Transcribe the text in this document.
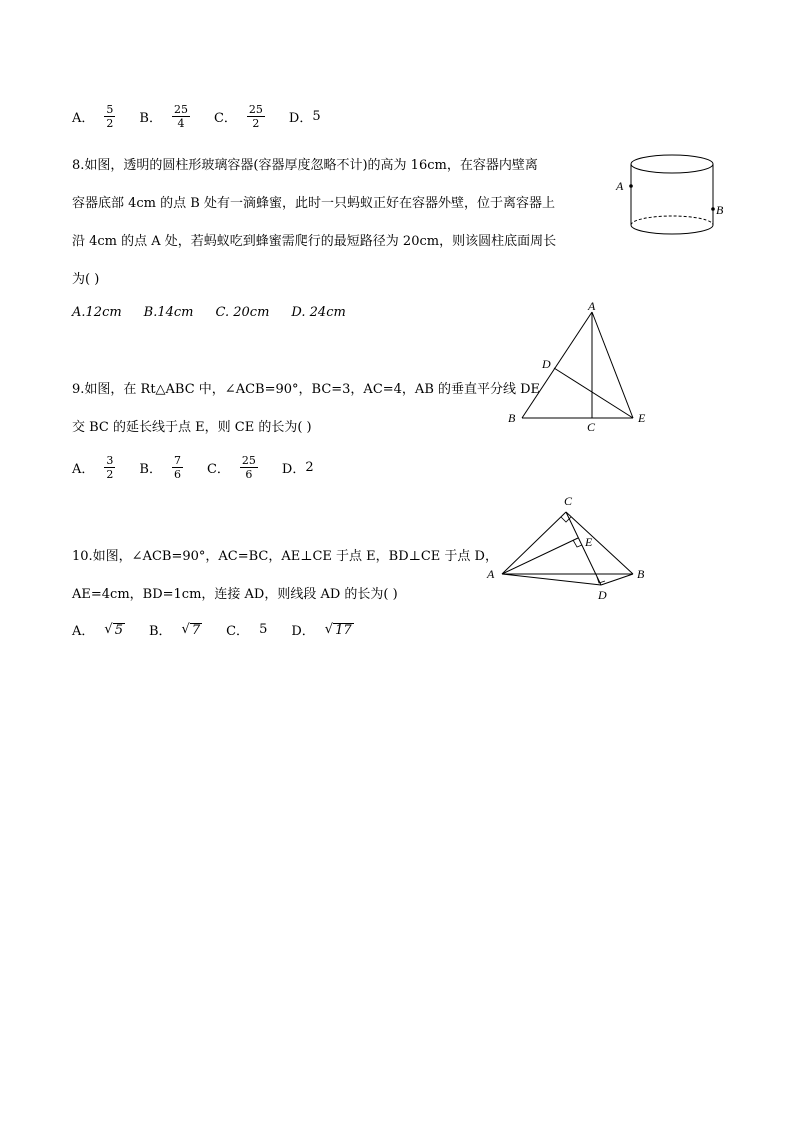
A． $\frac{5}{2}$ B． $\frac{25}{4}$ C． $\frac{25}{2}$ D． 5
8.如图，透明的圆柱形玻璃容器(容器厚度忽略不计)的高为 16cm，在容器内壁离
容器底部 4cm 的点 B 处有一滴蜂蜜，此时一只蚂蚁正好在容器外壁，位于离容器上
沿 4cm 的点 A 处，若蚂蚁吃到蜂蜜需爬行的最短路径为 20cm，则该圆柱底面周长
为( )
A.12cm B.14cm C. 20cm D. 24cm
A
B
9.如图，在 Rt△ABC 中，∠ACB=90°，BC=3，AC=4，AB 的垂直平分线 DE
交 BC 的延长线于点 E，则 CE 的长为( )
A． $\frac{3}{2}$ B． $\frac{7}{6}$ C． $\frac{25}{6}$ D． 2
A
B
C
D
E
10.如图，∠ACB=90°，AC=BC，AE⊥CE 于点 E，BD⊥CE 于点 D，
AE=4cm，BD=1cm，连接 AD，则线段 AD 的长为( )
A． √ 5 B． √ 7 C． 5 D． √ 17
C
E
A	B
D
